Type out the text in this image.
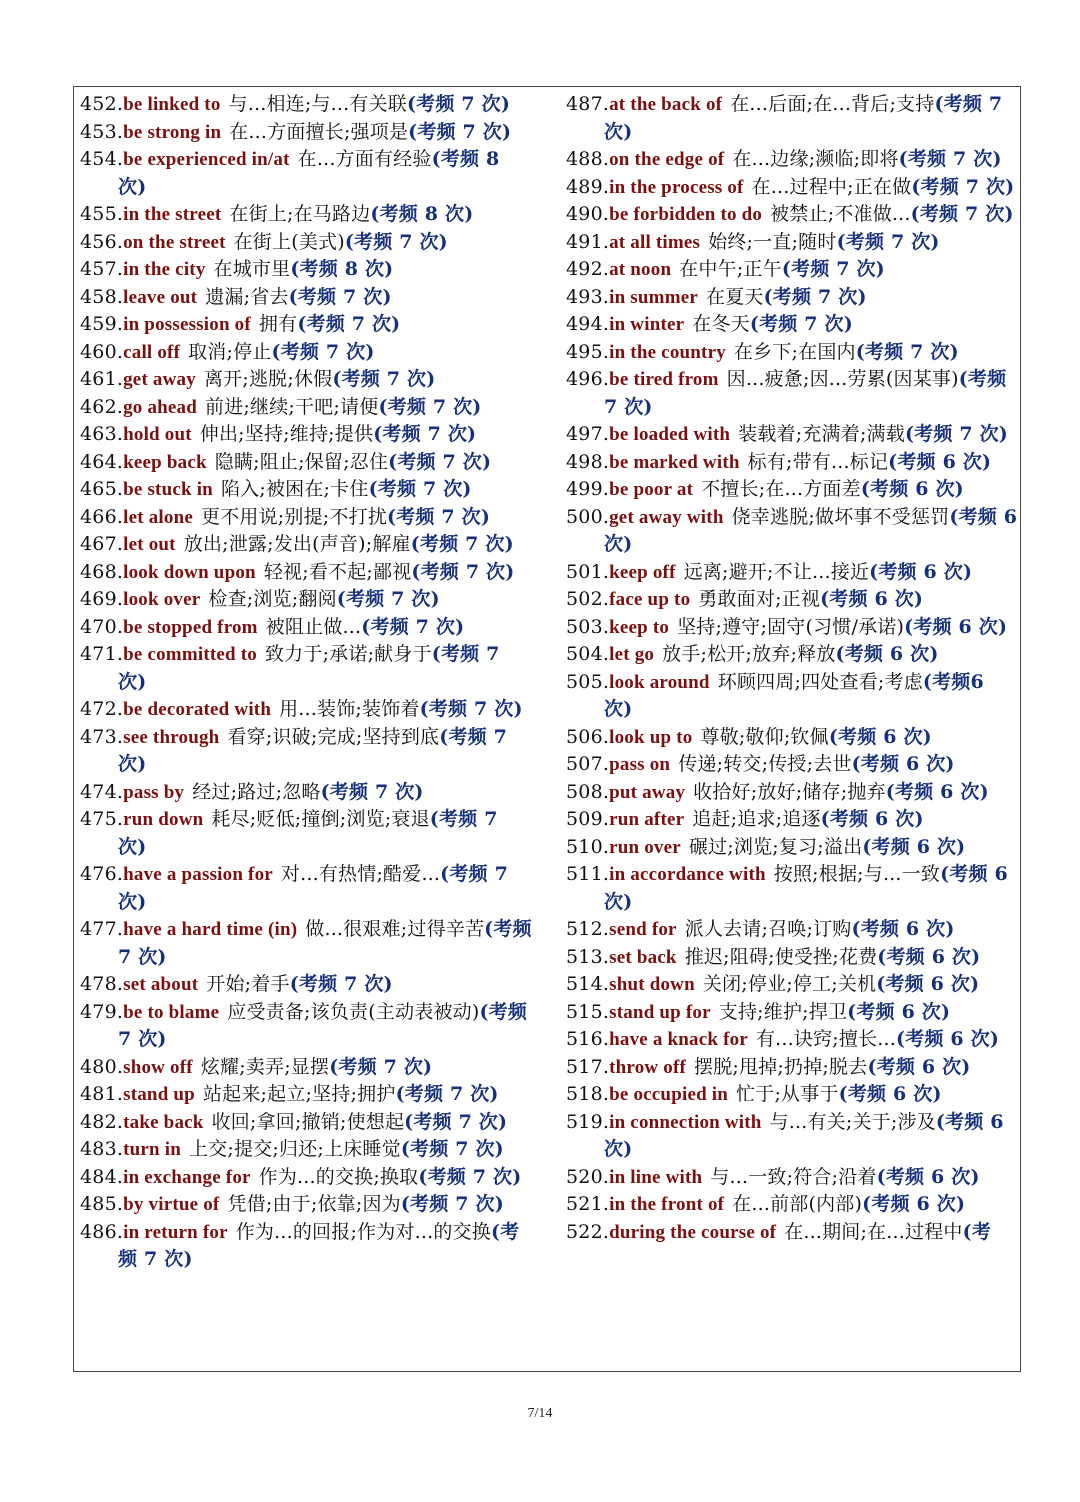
452.be linked to 与...相连;与...有关联(考频 7 次)
453.be strong in 在...方面擅长;强项是(考频 7 次)
454.be experienced in/at 在...方面有经验(考频 8 次)
455.in the street 在街上;在马路边(考频 8 次)
456.on the street 在街上(美式)(考频 7 次)
457.in the city 在城市里(考频 8 次)
458.leave out 遗漏;省去(考频 7 次)
459.in possession of 拥有(考频 7 次)
460.call off 取消;停止(考频 7 次)
461.get away 离开;逃脱;休假(考频 7 次)
462.go ahead 前进;继续;干吧;请便(考频 7 次)
463.hold out 伸出;坚持;维持;提供(考频 7 次)
464.keep back 隐瞒;阻止;保留;忍住(考频 7 次)
465.be stuck in 陷入;被困在;卡住(考频 7 次)
466.let alone 更不用说;别提;不打扰(考频 7 次)
467.let out 放出;泄露;发出(声音);解雇(考频 7 次)
468.look down upon 轻视;看不起;鄙视(考频 7 次)
469.look over 检查;浏览;翻阅(考频 7 次)
470.be stopped from 被阻止做...(考频 7 次)
471.be committed to 致力于;承诺;献身于(考频 7 次)
472.be decorated with 用...装饰;装饰着(考频 7 次)
473.see through 看穿;识破;完成;坚持到底(考频 7 次)
474.pass by 经过;路过;忽略(考频 7 次)
475.run down 耗尽;贬低;撞倒;浏览;衰退(考频 7 次)
476.have a passion for 对...有热情;酷爱...(考频 7 次)
477.have a hard time (in) 做...很艰难;过得辛苦(考频 7 次)
478.set about 开始;着手(考频 7 次)
479.be to blame 应受责备;该负责(主动表被动)(考频 7 次)
480.show off 炫耀;卖弄;显摆(考频 7 次)
481.stand up 站起来;起立;坚持;拥护(考频 7 次)
482.take back 收回;拿回;撤销;使想起(考频 7 次)
483.turn in 上交;提交;归还;上床睡觉(考频 7 次)
484.in exchange for 作为...的交换;换取(考频 7 次)
485.by virtue of 凭借;由于;依靠;因为(考频 7 次)
486.in return for 作为...的回报;作为对...的交换(考频 7 次)
487.at the back of 在...后面;在...背后;支持(考频 7 次)
488.on the edge of 在...边缘;濒临;即将(考频 7 次)
489.in the process of 在...过程中;正在做(考频 7 次)
490.be forbidden to do 被禁止;不准做...(考频 7 次)
491.at all times 始终;一直;随时(考频 7 次)
492.at noon 在中午;正午(考频 7 次)
493.in summer 在夏天(考频 7 次)
494.in winter 在冬天(考频 7 次)
495.in the country 在乡下;在国内(考频 7 次)
496.be tired from 因...疲惫;因...劳累(因某事)(考频 7 次)
497.be loaded with 装载着;充满着;满载(考频 7 次)
498.be marked with 标有;带有...标记(考频 6 次)
499.be poor at 不擅长;在...方面差(考频 6 次)
500.get away with 侥幸逃脱;做坏事不受惩罚(考频 6 次)
501.keep off 远离;避开;不让...接近(考频 6 次)
502.face up to 勇敢面对;正视(考频 6 次)
503.keep to 坚持;遵守;固守(习惯/承诺)(考频 6 次)
504.let go 放手;松开;放弃;释放(考频 6 次)
505.look around 环顾四周;四处查看;考虑(考频6 次)
506.look up to 尊敬;敬仰;钦佩(考频 6 次)
507.pass on 传递;转交;传授;去世(考频 6 次)
508.put away 收拾好;放好;储存;抛弃(考频 6 次)
509.run after 追赶;追求;追逐(考频 6 次)
510.run over 碾过;浏览;复习;溢出(考频 6 次)
511.in accordance with 按照;根据;与...一致(考频 6 次)
512.send for 派人去请;召唤;订购(考频 6 次)
513.set back 推迟;阻碍;使受挫;花费(考频 6 次)
514.shut down 关闭;停业;停工;关机(考频 6 次)
515.stand up for 支持;维护;捍卫(考频 6 次)
516.have a knack for 有...诀窍;擅长...(考频 6 次)
517.throw off 摆脱;甩掉;扔掉;脱去(考频 6 次)
518.be occupied in 忙于;从事于(考频 6 次)
519.in connection with 与...有关;关于;涉及(考频 6 次)
520.in line with 与...一致;符合;沿着(考频 6 次)
521.in the front of 在...前部(内部)(考频 6 次)
522.during the course of 在...期间;在...过程中(考
7/14
